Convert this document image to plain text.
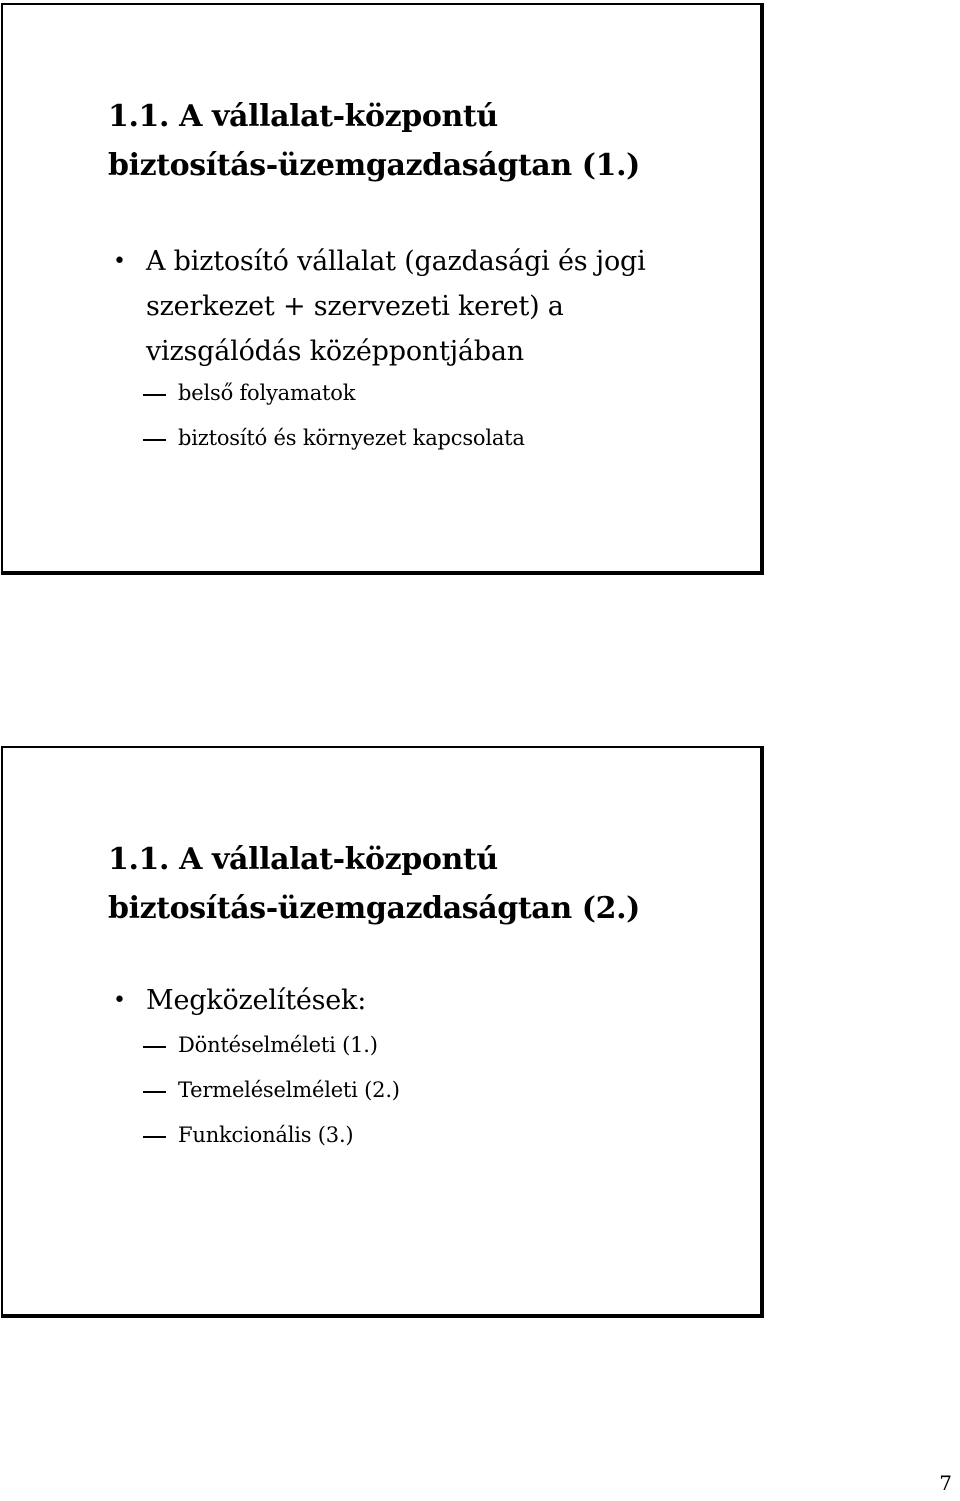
1.1. A vállalat-központú
biztosítás-üzemgazdaságtan (1.)
• A biztosító vállalat (gazdasági és jogi
szerkezet + szervezeti keret) a
vizsgálódás középpontjában
belső folyamatok
biztosító és környezet kapcsolata
1.1. A vállalat-központú
biztosítás-üzemgazdaságtan (2.)
• Megközelítések:
Döntéselméleti (1.)
Termeléselméleti (2.)
Funkcionális (3.)
7
